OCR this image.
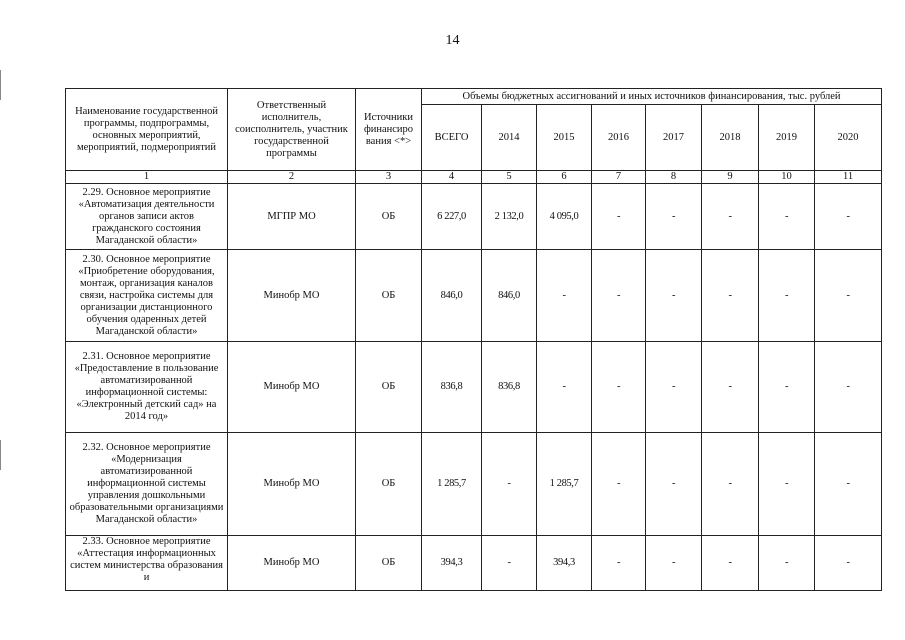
14
Наименование государственной программы, подпрограммы, основных мероприятий, мероприятий, подмероприятий	Ответственный исполнитель, соисполнитель, участник государственной программы	Источники финансиро вания <*>	Объемы бюджетных ассигнований и иных источников финансирования, тыс. рублей							
			ВСЕГО	2014	2015	2016	2017	2018	2019	2020
1	2	3	4	5	6	7	8	9	10	11
2.29. Основное мероприятие «Автоматизация деятельности органов записи актов гражданского состояния Магаданской области»	МГПР МО	ОБ	6 227,0	2 132,0	4 095,0	-	-	-	-	-
2.30. Основное мероприятие «Приобретение оборудования, монтаж, организация каналов связи, настройка системы для организации дистанционного обучения одаренных детей Магаданской области»	Минобр МО	ОБ	846,0	846,0	-	-	-	-	-	-
2.31. Основное мероприятие «Предоставление в пользование автоматизированной информационной системы: «Электронный детский сад» на 2014 год»	Минобр МО	ОБ	836,8	836,8	-	-	-	-	-	-
2.32. Основное мероприятие «Модернизация автоматизированной информационной системы управления дошкольными образовательными организациями Магаданской области»	Минобр МО	ОБ	1 285,7	-	1 285,7	-	-	-	-	-
2.33. Основное мероприятие «Аттестация информационных систем министерства образования и	Минобр МО	ОБ	394,3	-	394,3	-	-	-	-	-
